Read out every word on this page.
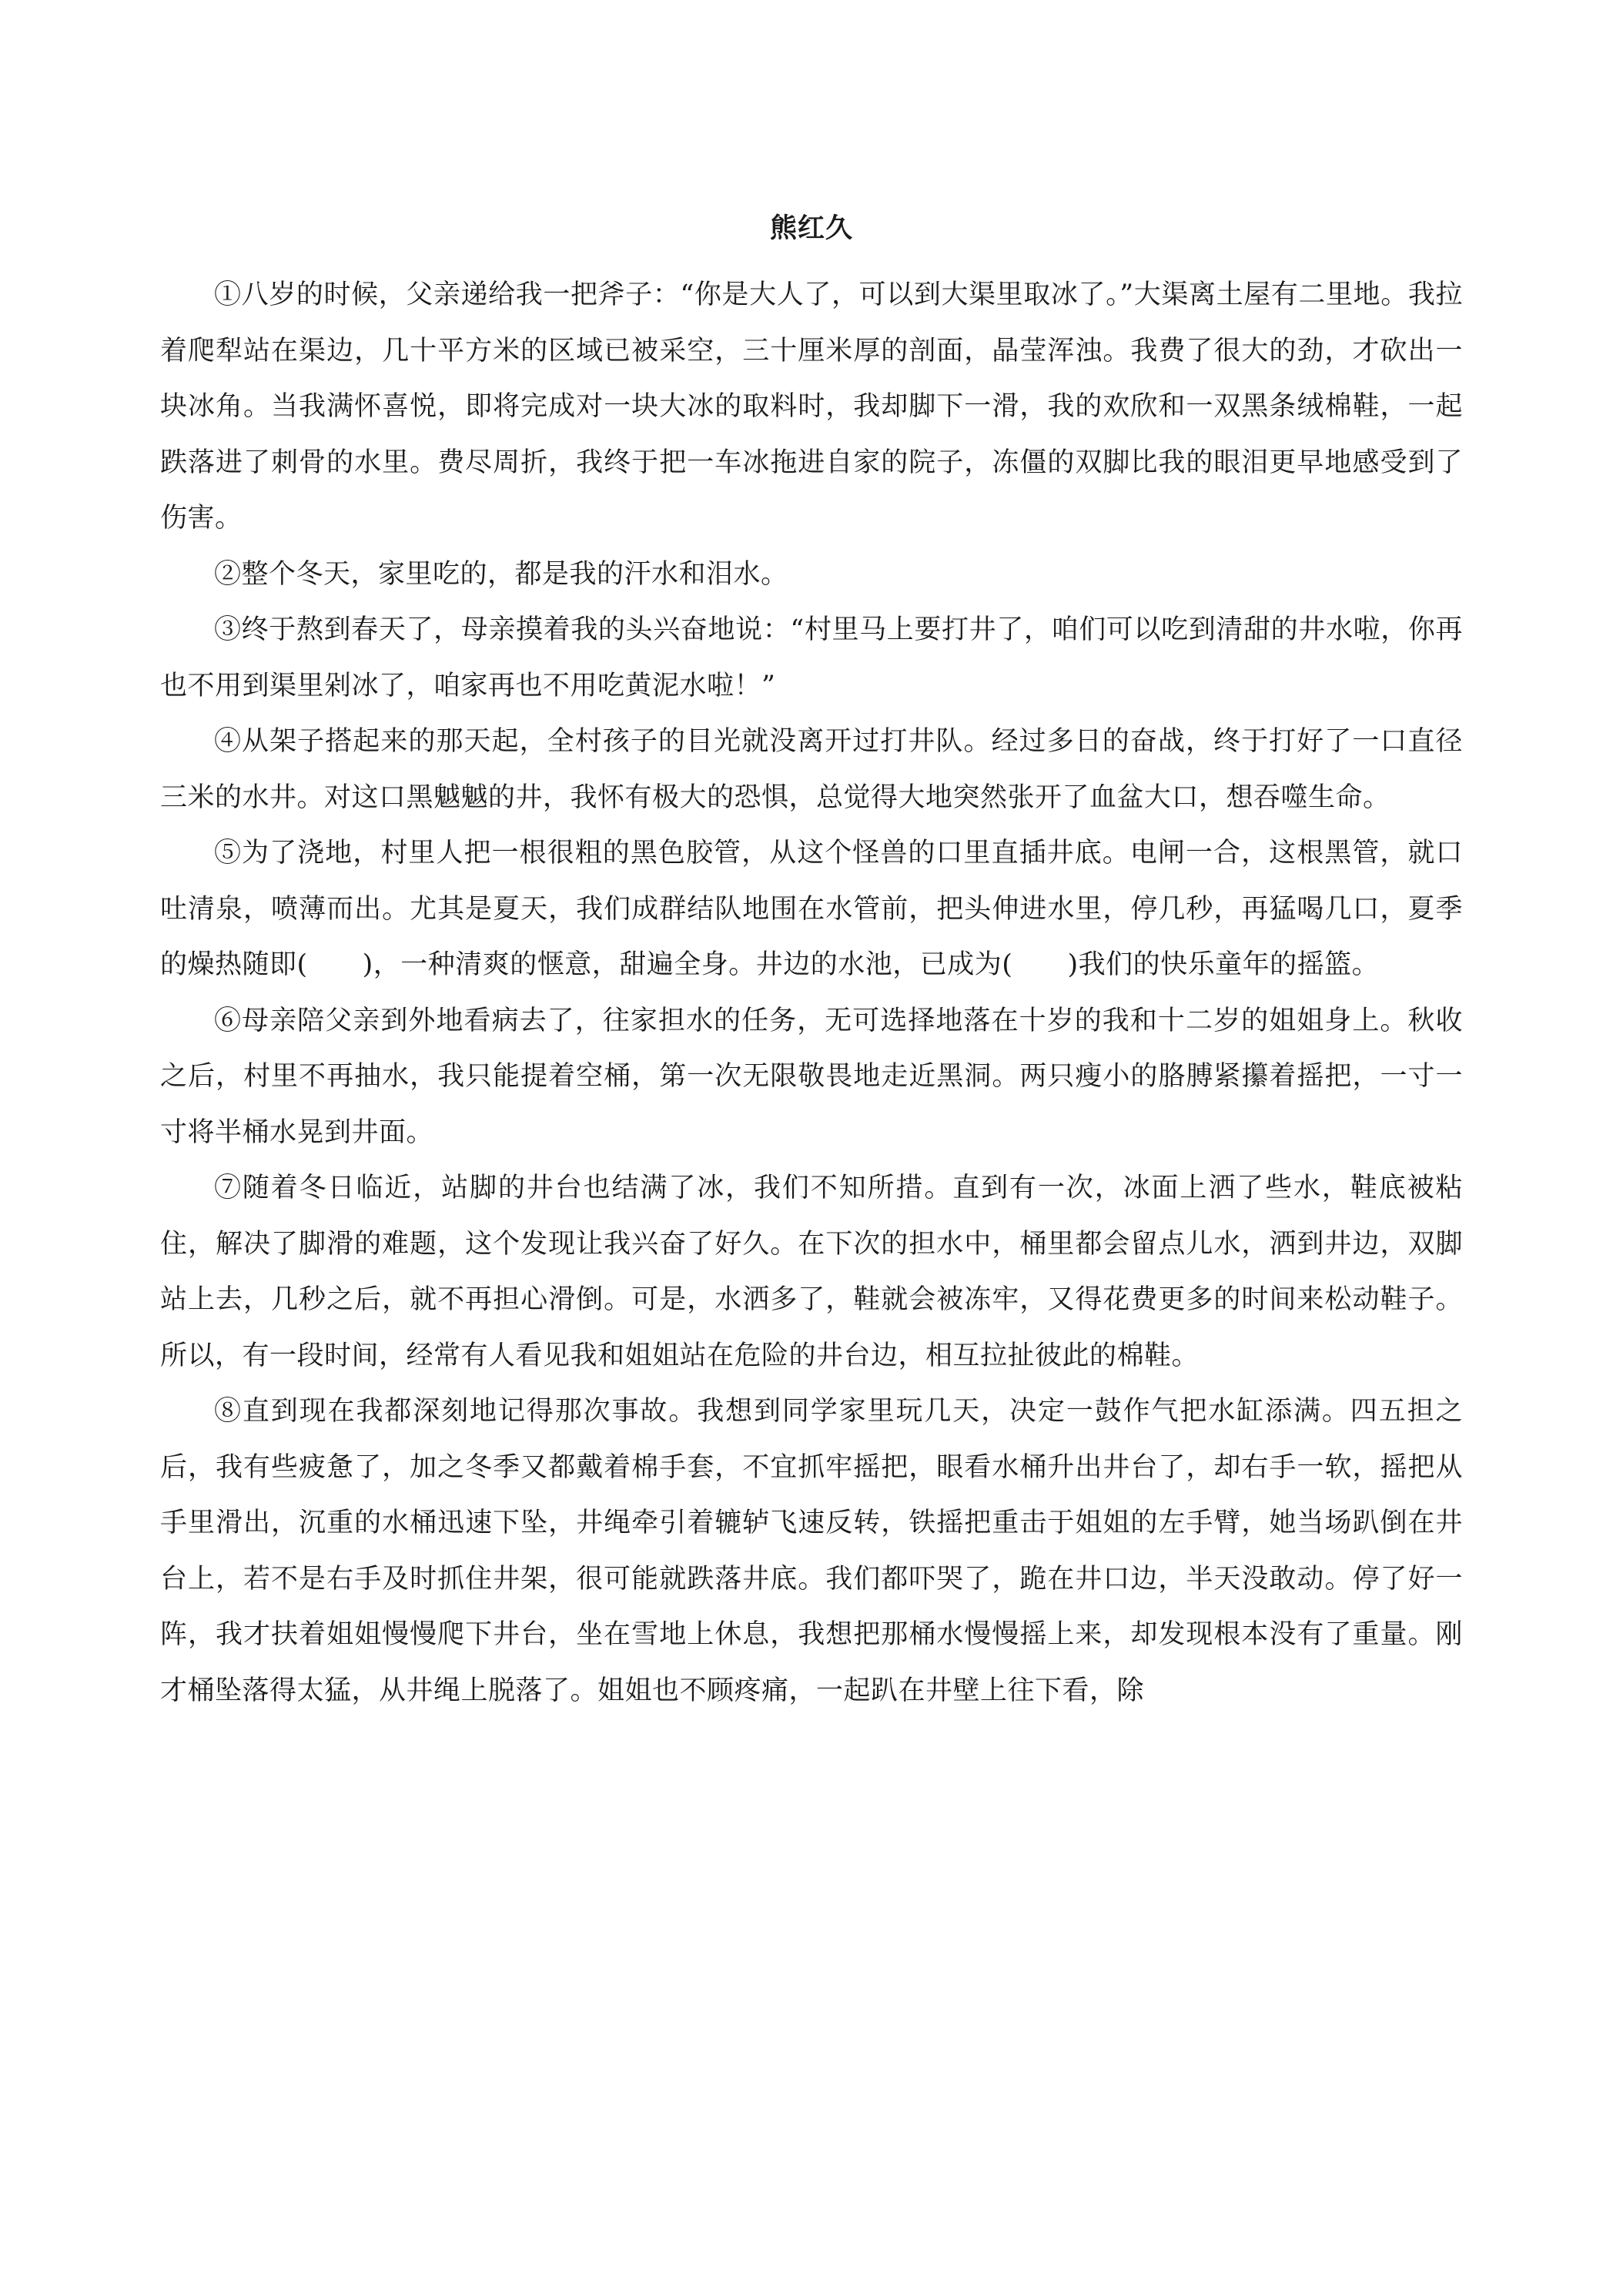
熊红久

①八岁的时候，父亲递给我一把斧子：“你是大人了，可以到大渠里取冰了。”大渠离土屋有二里地。我拉着爬犁站在渠边，几十平方米的区域已被采空，三十厘米厚的剖面，晶莹浑浊。我费了很大的劲，才砍出一块冰角。当我满怀喜悦，即将完成对一块大冰的取料时，我却脚下一滑，我的欢欣和一双黑条绒棉鞋，一起跌落进了刺骨的水里。费尽周折，我终于把一车冰拖进自家的院子，冻僵的双脚比我的眼泪更早地感受到了伤害。

②整个冬天，家里吃的，都是我的汗水和泪水。

③终于熬到春天了，母亲摸着我的头兴奋地说：“村里马上要打井了，咱们可以吃到清甜的井水啦，你再也不用到渠里剁冰了，咱家再也不用吃黄泥水啦！”

④从架子搭起来的那天起，全村孩子的目光就没离开过打井队。经过多日的奋战，终于打好了一口直径三米的水井。对这口黑魆魆的井，我怀有极大的恐惧，总觉得大地突然张开了血盆大口，想吞噬生命。

⑤为了浇地，村里人把一根很粗的黑色胶管，从这个怪兽的口里直插井底。电闸一合，这根黑管，就口吐清泉，喷薄而出。尤其是夏天，我们成群结队地围在水管前，把头伸进水里，停几秒，再猛喝几口，夏季的燥热随即(　　)，一种清爽的惬意，甜遍全身。井边的水池，已成为(　　)我们的快乐童年的摇篮。

⑥母亲陪父亲到外地看病去了，往家担水的任务，无可选择地落在十岁的我和十二岁的姐姐身上。秋收之后，村里不再抽水，我只能提着空桶，第一次无限敬畏地走近黑洞。两只瘦小的胳膊紧攥着摇把，一寸一寸将半桶水晃到井面。

⑦随着冬日临近，站脚的井台也结满了冰，我们不知所措。直到有一次，冰面上洒了些水，鞋底被粘住，解决了脚滑的难题，这个发现让我兴奋了好久。在下次的担水中，桶里都会留点儿水，洒到井边，双脚站上去，几秒之后，就不再担心滑倒。可是，水洒多了，鞋就会被冻牢，又得花费更多的时间来松动鞋子。所以，有一段时间，经常有人看见我和姐姐站在危险的井台边，相互拉扯彼此的棉鞋。

⑧直到现在我都深刻地记得那次事故。我想到同学家里玩几天，决定一鼓作气把水缸添满。四五担之后，我有些疲惫了，加之冬季又都戴着棉手套，不宜抓牢摇把，眼看水桶升出井台了，却右手一软，摇把从手里滑出，沉重的水桶迅速下坠，井绳牵引着辘轳飞速反转，铁摇把重击于姐姐的左手臂，她当场趴倒在井台上，若不是右手及时抓住井架，很可能就跌落井底。我们都吓哭了，跪在井口边，半天没敢动。停了好一阵，我才扶着姐姐慢慢爬下井台，坐在雪地上休息，我想把那桶水慢慢摇上来，却发现根本没有了重量。刚才桶坠落得太猛，从井绳上脱落了。姐姐也不顾疼痛，一起趴在井壁上往下看，除
